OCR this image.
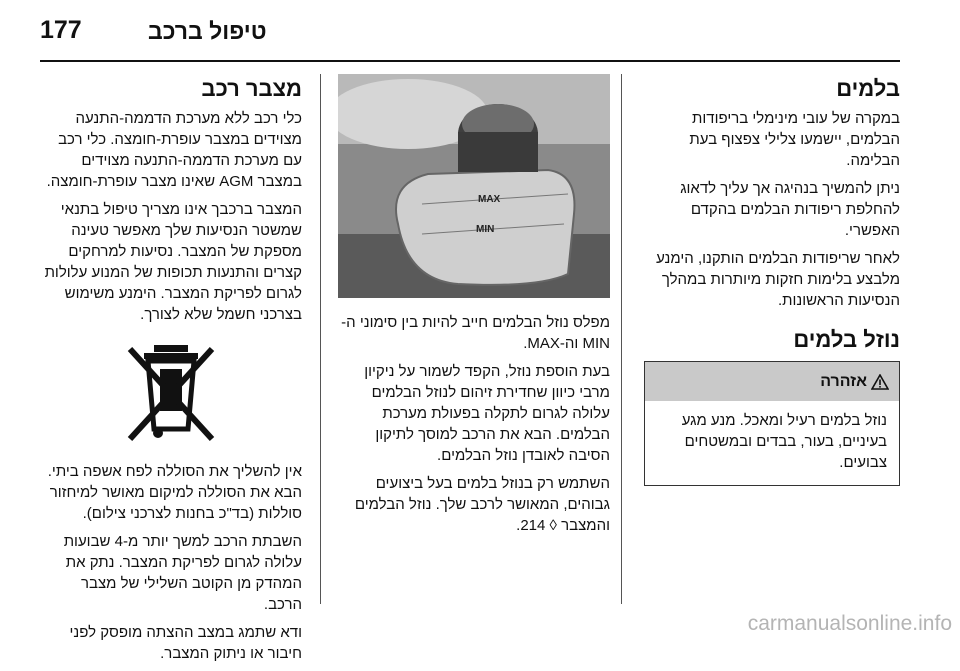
177	טיפול ברכב
בלמים

במקרה של עובי מינימלי בריפודות הבלמים, יישמעו צלילי צפצוף בעת הבלימה.

ניתן להמשיך בנהיגה אך עליך לדאוג להחלפת ריפודות הבלמים בהקדם האפשרי.

לאחר שריפודות הבלמים הותקנו, הימנע מלבצע בלימות חזקות מיותרות במהלך הנסיעות הראשונות.

נוזל בלמים
אזהרה
נוזל בלמים רעיל ומאכל. מנע מגע בעיניים, בעור, בבדים ובמשטחים צבועים.
MAX
MIN

מפלס נוזל הבלמים חייב להיות בין סימוני ה-MIN וה-MAX.

בעת הוספת נוזל, הקפד לשמור על ניקיון מרבי כיוון שחדירת זיהום לנוזל הבלמים עלולה לגרום לתקלה בפעולת מערכת הבלמים. הבא את הרכב למוסך לתיקון הסיבה לאובדן נוזל הבלמים.

השתמש רק בנוזל בלמים בעל ביצועים גבוהים, המאושר לרכב שלך. נוזל הבלמים והמצבר ◊ 214.

מצבר רכב

כלי רכב ללא מערכת הדממה-התנעה מצוידים במצבר עופרת-חומצה. כלי רכב עם מערכת הדממה-התנעה מצוידים במצבר AGM שאינו מצבר עופרת-חומצה.

המצבר ברכבך אינו מצריך טיפול בתנאי שמשטר הנסיעות שלך מאפשר טעינה מספקת של המצבר. נסיעות למרחקים קצרים והתנעות תכופות של המנוע עלולות לגרום לפריקת המצבר. הימנע משימוש בצרכני חשמל שלא לצורך.

אין להשליך את הסוללה לפח אשפה ביתי. הבא את הסוללה למיקום מאושר למיחזור סוללות (בד"כ בחנות לצרכני צילום).

השבתת הרכב למשך יותר מ-4 שבועות עלולה לגרום לפריקת המצבר. נתק את המהדק מן הקוטב השלילי של מצבר הרכב.

ודא שתמג במצב ההצתה מופסק לפני חיבור או ניתוק המצבר.

carmanualsonline.info
